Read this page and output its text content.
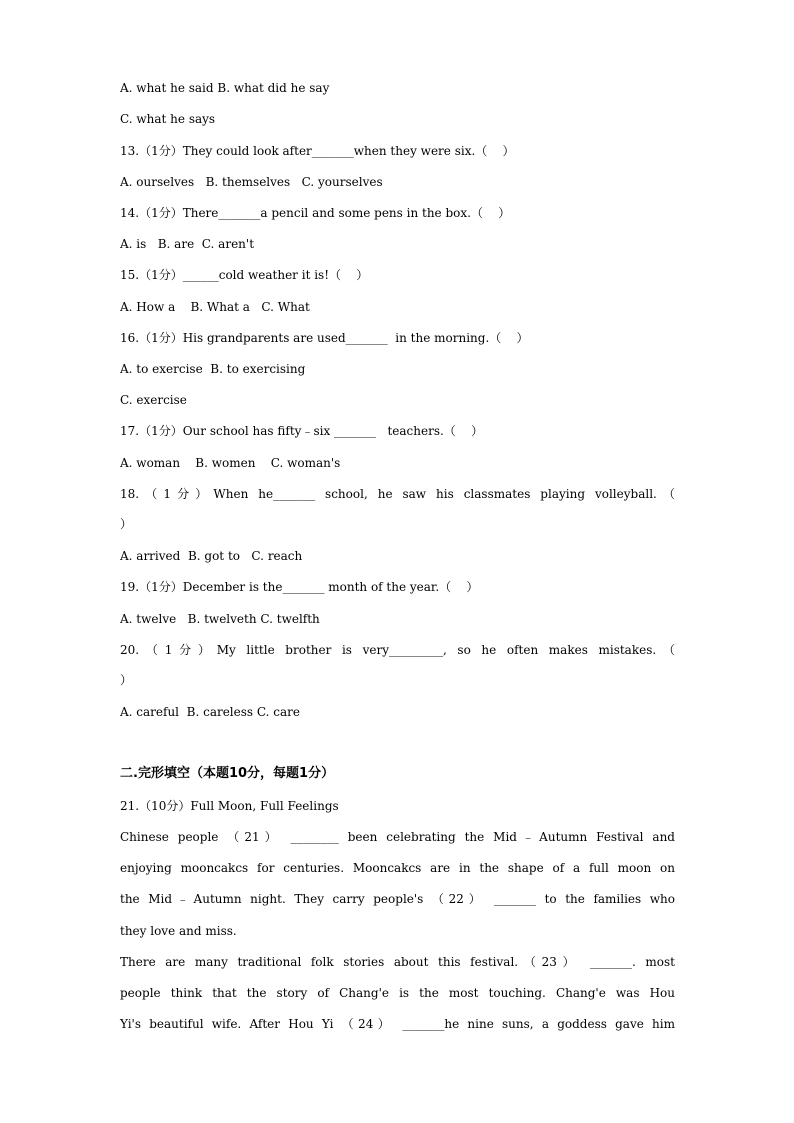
A. what he said B. what did he say
C. what he says
13.（1分）They could look after_______when they were six.（    ）
A. ourselves   B. themselves   C. yourselves
14.（1分）There_______a pencil and some pens in the box.（    ）
A. is   B. are  C. aren't
15.（1分）______cold weather it is!（    ）
A. How a    B. What a   C. What
16.（1分）His grandparents are used_______  in the morning.（    ）
A. to exercise  B. to exercising
C. exercise
17.（1分）Our school has fifty﹣six _______   teachers.（    ）
A. woman    B. women    C. woman's
18.（1分）When he_______ school, he saw his classmates playing volleyball.（
）
A. arrived  B. got to   C. reach
19.（1分）December is the_______ month of the year.（    ）
A. twelve   B. twelveth C. twelfth
20.（1分）My little brother is very_________, so he often makes mistakes.（
）
A. careful  B. careless C. care
二.完形填空（本题10分，每题1分）
21.（10分）Full Moon, Full Feelings
Chinese people （21） ________ been celebrating the Mid﹣Autumn Festival and
enjoying mooncakcs for centuries. Mooncakcs are in the shape of a full moon on
the Mid﹣Autumn night. They carry people's （22） _______ to the families who
they love and miss.
There are many traditional folk stories about this festival.（23） _______. most
people think that the story of Chang'e is the most touching. Chang'e was Hou
Yi's beautiful wife. After Hou Yi （24） _______he nine suns, a goddess gave him
